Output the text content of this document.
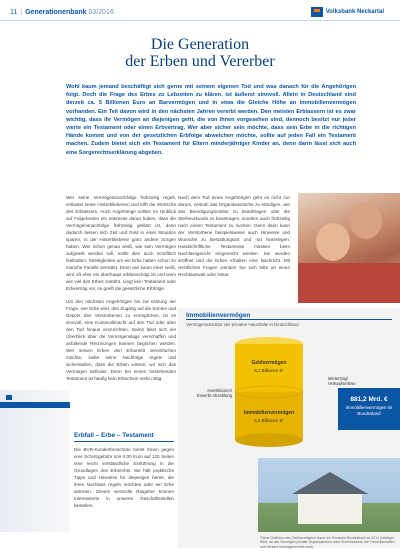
11 | Generationenbank 03/2016	Volksbank Neckartal
Die Generation
der Erben und Vererber
Wohl kaum jemand beschäftigt sich gerne mit seinem eigenen Tod und was danach für die Angehörigen folgt. Doch die Frage des Erbes zu Lebzeiten zu klären, ist äußerst sinnvoll. Allein in Deutschland sind derzeit ca. 5 Billionen Euro an Barvermögen und in etwa die Gleiche Höhe an Immobilienvermögen vorhanden. Ein Teil davon wird in den nächsten Jahren vererbt werden. Den meisten Erblassern ist es zwar wichtig, dass ihr Vermögen an diejenigen geht, die von ihnen vorgesehen sind, dennoch besitzt nur jeder vierte ein Testament oder einen Erbvertrag. Wer aber sicher sein möchte, dass sein Erbe in die richtigen Hände kommt und von der gesetzlichen Erbfolge abweichen möchte, sollte auf jeden Fall ein Testament machen. Zudem bietet sich ein Testament für Eltern minderjähriger Kinder an, denn darin lässt sich auch eine Sorgerechtserklärung abgeben.

Wer seine Vermögensnachfolge frühzeitig regelt, entlastet seine Hinterbliebenen und trifft die Wünsche des Erblassers. Auch Angehörige sollten im Hinblick auf Folgekosten ein Interesse daran haben, dass die Vermögensnachfolge frühzeitig geklärt ist, denn dadurch lassen sich Zeit und Geld in einer Situation sparen, in der Hinterbliebene ganz andere Sorgen haben. Wer schon genau weiß, wie sein Vermögen aufgeteilt werden soll, sollte dies auch schriftlich festhalten. Streitigkeiten um ein Erbe haben schon so manche Familie zerrüttet. Denn wie kaum einer weiß, wird oft eher ein überhaupt erbberechtigt ist und wem wie viel des Erbes zusteht. Liegt kein Testament oder Erbvertrag vor, so greift die gesetzliche Erbfolge.

Um den nächsten Angehörigen bis zur Klärung der Frage, wer Erbe wird, den Zugang auf die Konten und Depots des Verstorbenen zu ermöglichen, ist es sinnvoll, eine Kontovollmacht auf den Tod oder über den Tod hinaus einzurichten. Damit lässt sich ein Überblick über die Vermögenslage verschaffen und anfallende Rechnungen können beglichen werden. Wer seinen Erben den Erbantritt vereinfachen möchte, sollte seine Nachfolge regeln und sicherstellen, dass die Erben wissen, wo sich das Vermögen befindet. Denn bei einem bestehenden Testament ist häufig kein Erbschein mehr nötig.

Nach dem Tod eines Angehörigen geht es nicht nur darum, zeitnah das Organisatorische zu erledigen, wie das Beerdigungsinstitut zu beauftragen oder die Sterbeurkunde zu beantragen, sondern auch frühzeitig nach einem Testament zu suchen. Denn darin kann der Verstorbene beispielsweise auch Hinweise und Wünsche zu Bestattungsart und -ort hinterlegen. Handschriftliche Testamente müssen beim Nachlassgericht eingereicht werden. Sie werden eröffnet und die Erben erhalten eine Nachricht. Mit rechtlichen Fragen wenden Sie sich bitte an einen Rechtsanwalt oder Notar.

Immobilienvermögen
Vermögensstruktur der privaten Haushalte in Deutschland
Geldvermögen
5,1 Billionen €*
Immobilienvermögen
5,5 Billionen €*
Investitionen/ Erwerb/ Abzahlung
Mietertrag/ Verkaufserlöse
881,2 Mrd. €
Immobilienvermögen im Bundesland
*Neue Definition des Geldvermögens durch die Deutsche Bundesbank ab 2014 (niedriger Wert, da das Vermögen privater Organisationen ohne Erwerbszweck wie Gewerkschaften und Vereine herausgerechnet wird)
Erbfall – Erbe – Testament
Die BVR-Kundenbroschüre bietet Ihnen gegen eine Schutzgebühr von 4,00 Euro auf 120 Seiten eine leicht verständliche Einführung in die Grundlagen des Erbrechts. Sie hält praktische Tipps und Hinweise für diejenigen bereit, die ihren Nachlass regeln möchten oder ein Erbe antreten. Dieses wertvolle Ratgeber können Interessierte in unseren Geschäftsstellen bestellen.
